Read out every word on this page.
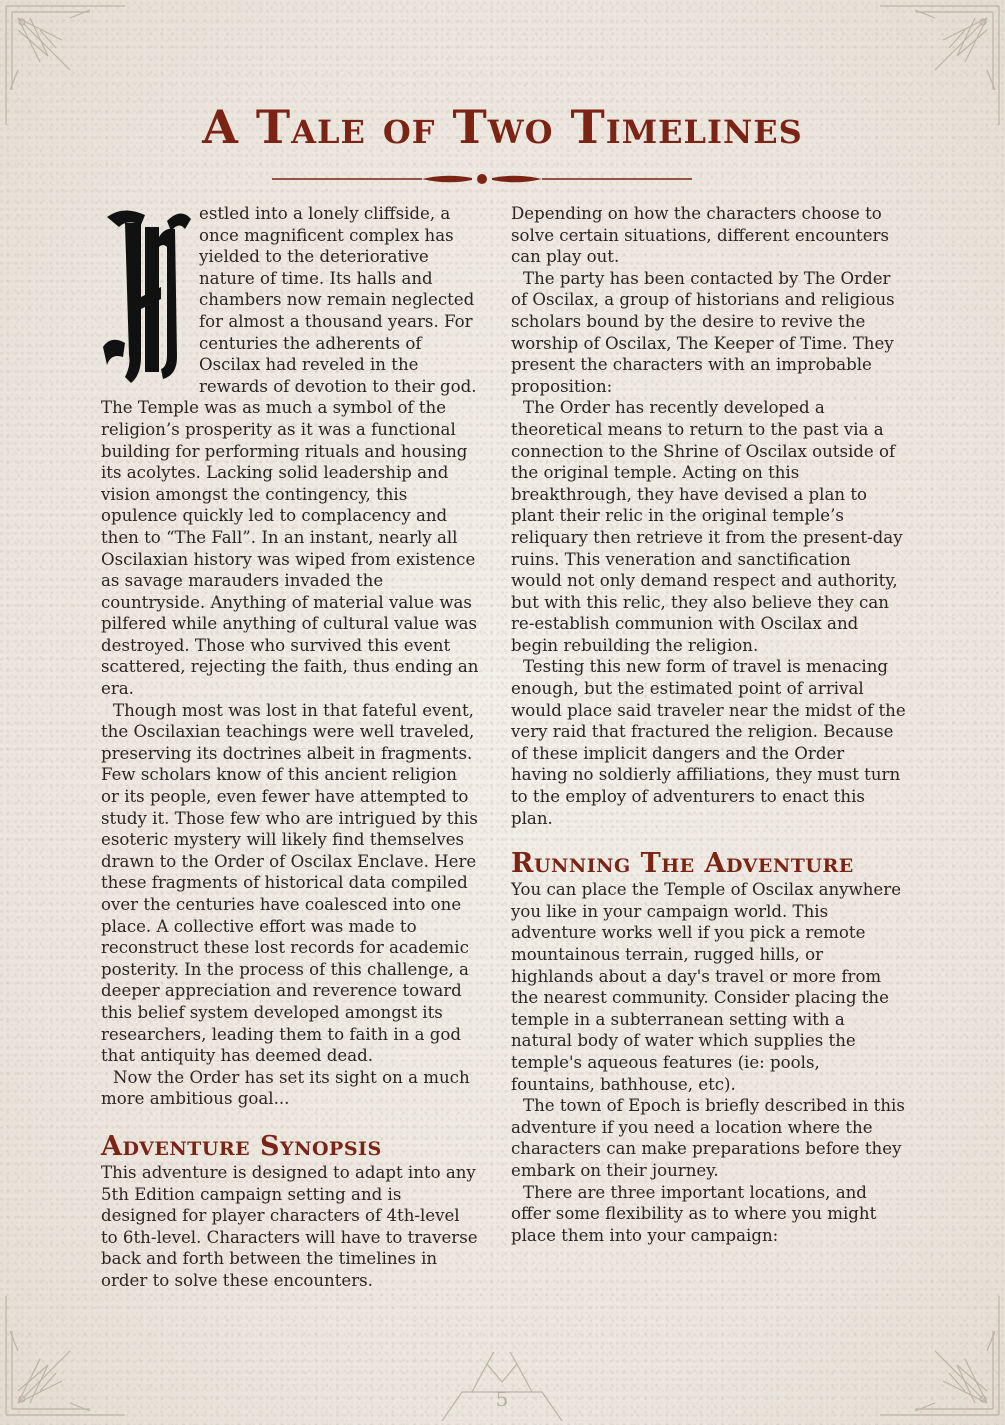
A Tale of Two Timelines

estled into a lonely cliffside, a once magnificent complex has yielded to the deteriorative nature of time. Its halls and chambers now remain neglected for almost a thousand years. For centuries the adherents of Oscilax had reveled in the rewards of devotion to their god. The Temple was as much a symbol of the religion’s prosperity as it was a functional building for performing rituals and housing its acolytes. Lacking solid leadership and vision amongst the contingency, this opulence quickly led to complacency and then to “The Fall”. In an instant, nearly all Oscilaxian history was wiped from existence as savage marauders invaded the countryside. Anything of material value was pilfered while anything of cultural value was destroyed. Those who survived this event scattered, rejecting the faith, thus ending an era.

Though most was lost in that fateful event, the Oscilaxian teachings were well traveled, preserving its doctrines albeit in fragments. Few scholars know of this ancient religion or its people, even fewer have attempted to study it. Those few who are intrigued by this esoteric mystery will likely find themselves drawn to the Order of Oscilax Enclave. Here these fragments of historical data compiled over the centuries have coalesced into one place. A collective effort was made to reconstruct these lost records for academic posterity. In the process of this challenge, a deeper appreciation and reverence toward this belief system developed amongst its researchers, leading them to faith in a god that antiquity has deemed dead.

Now the Order has set its sight on a much more ambitious goal...

Adventure Synopsis

This adventure is designed to adapt into any 5th Edition campaign setting and is designed for player characters of 4th-level to 6th-level. Characters will have to traverse back and forth between the timelines in order to solve these encounters.

Depending on how the characters choose to solve certain situations, different encounters can play out.

The party has been contacted by The Order of Oscilax, a group of historians and religious scholars bound by the desire to revive the worship of Oscilax, The Keeper of Time. They present the characters with an improbable proposition:

The Order has recently developed a theoretical means to return to the past via a connection to the Shrine of Oscilax outside of the original temple. Acting on this breakthrough, they have devised a plan to plant their relic in the original temple’s reliquary then retrieve it from the present-day ruins. This veneration and sanctification would not only demand respect and authority, but with this relic, they also believe they can re-establish communion with Oscilax and begin rebuilding the religion.

Testing this new form of travel is menacing enough, but the estimated point of arrival would place said traveler near the midst of the very raid that fractured the religion. Because of these implicit dangers and the Order having no soldierly affiliations, they must turn to the employ of adventurers to enact this plan.

Running The Adventure

You can place the Temple of Oscilax anywhere you like in your campaign world. This adventure works well if you pick a remote mountainous terrain, rugged hills, or highlands about a day's travel or more from the nearest community. Consider placing the temple in a subterranean setting with a natural body of water which supplies the temple's aqueous features (ie: pools, fountains, bathhouse, etc).

The town of Epoch is briefly described in this adventure if you need a location where the characters can make preparations before they embark on their journey.

There are three important locations, and offer some flexibility as to where you might place them into your campaign:

5
